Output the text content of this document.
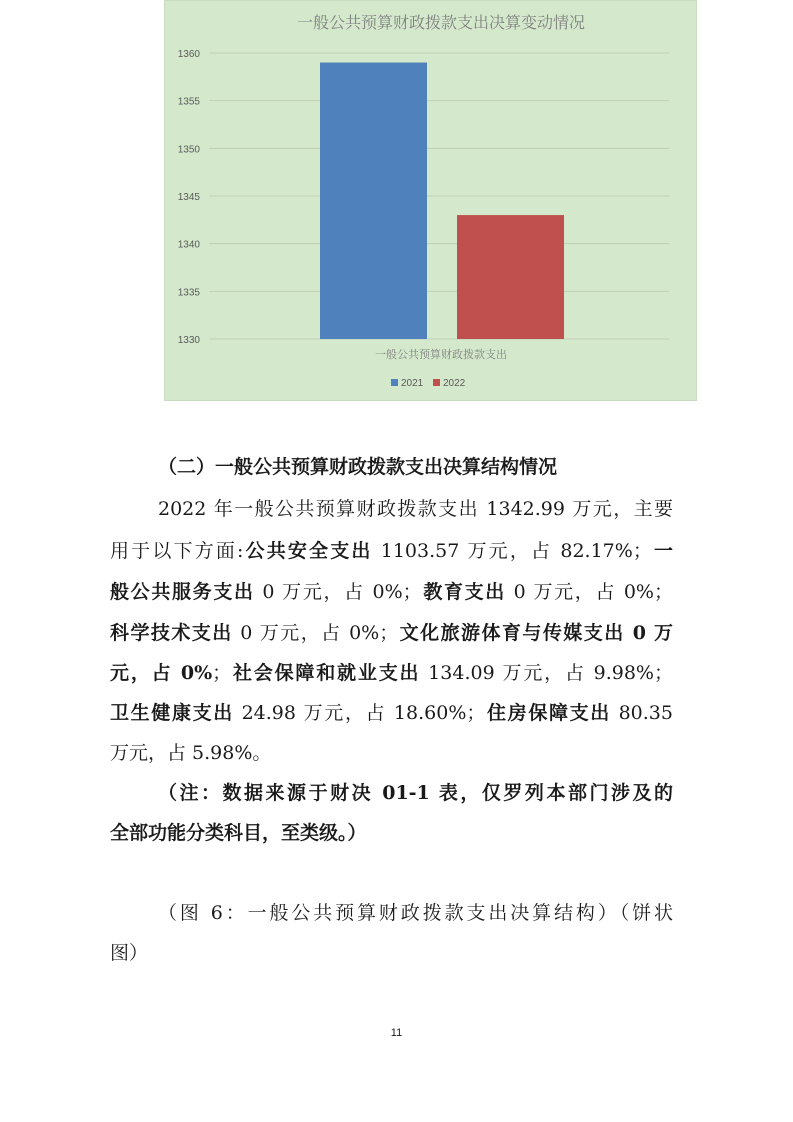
一般公共预算财政拨款支出决算变动情况
1330
1335
1340
1345
1350
1355
1360
一般公共预算财政拨款支出
2021 2022

（二）一般公共预算财政拨款支出决算结构情况

2022 年一般公共预算财政拨款支出 1342.99 万元，主要

用于以下方面:公共安全支出 1103.57 万元，占 82.17%；一

般公共服务支出 0 万元，占 0%；教育支出 0 万元，占 0%；

科学技术支出 0 万元，占 0%；文化旅游体育与传媒支出 0 万

元，占 0%；社会保障和就业支出 134.09 万元，占 9.98%；

卫生健康支出 24.98 万元，占 18.60%；住房保障支出 80.35

万元，占 5.98%。

（注：数据来源于财决 01-1 表，仅罗列本部门涉及的

全部功能分类科目，至类级。）

（图 6：一般公共预算财政拨款支出决算结构）（饼状

图）

11
